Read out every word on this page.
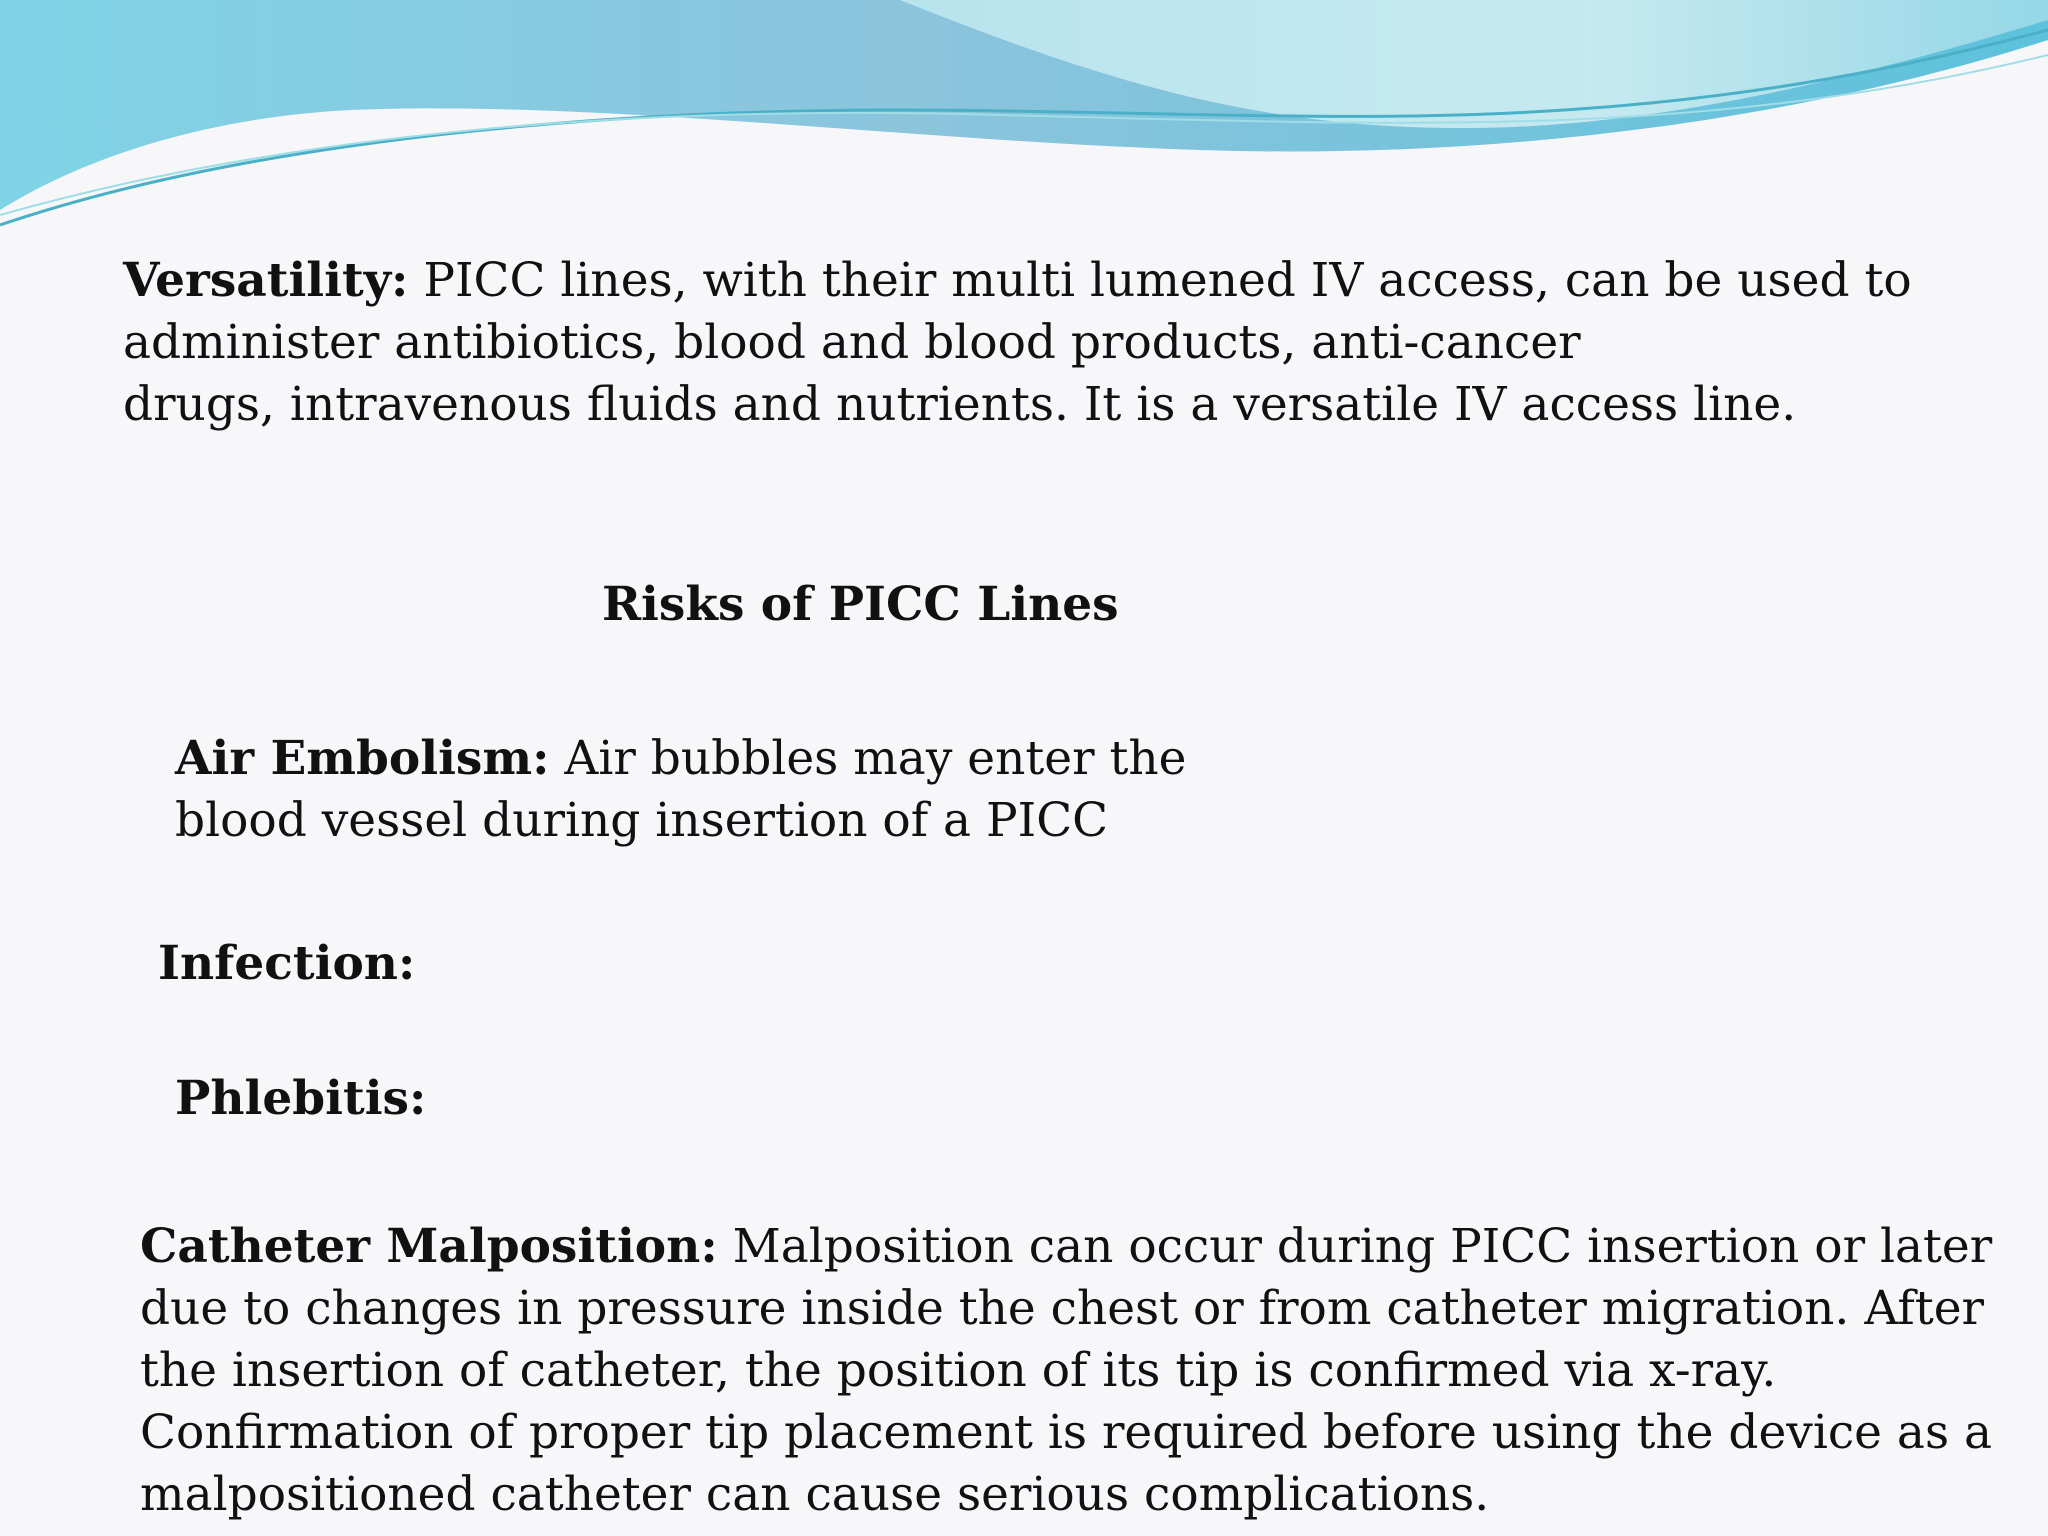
Versatility: PICC lines, with their multi lumened IV access, can be used to
administer antibiotics, blood and blood products, anti-cancer
drugs, intravenous fluids and nutrients. It is a versatile IV access line.
Risks of PICC Lines
Air Embolism: Air bubbles may enter the
blood vessel during insertion of a PICC
Infection:
Phlebitis:
Catheter Malposition: Malposition can occur during PICC insertion or later
due to changes in pressure inside the chest or from catheter migration. After
the insertion of catheter, the position of its tip is confirmed via x-ray.
Confirmation of proper tip placement is required before using the device as a
malpositioned catheter can cause serious complications.
